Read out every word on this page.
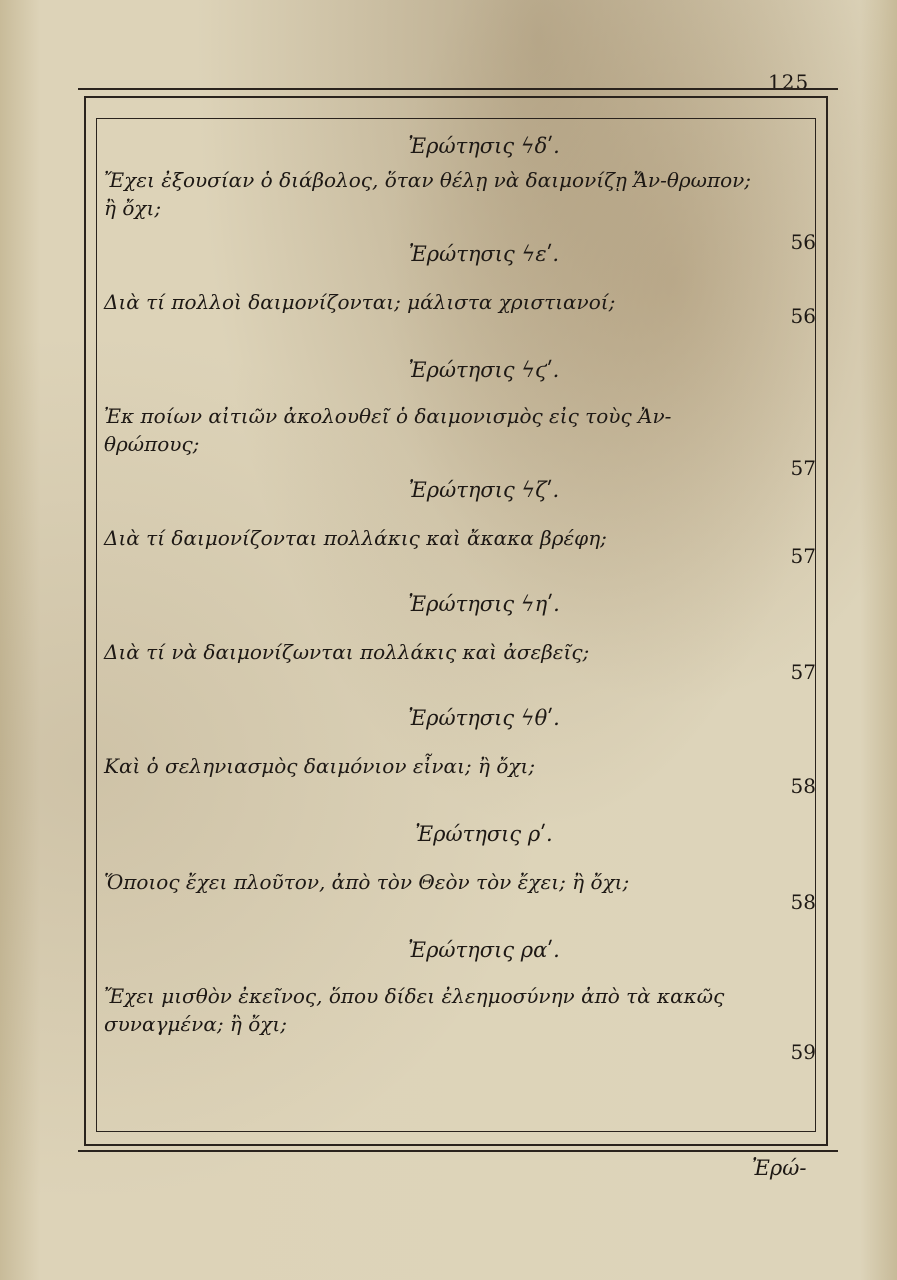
125

Ἐρώτησις ϟδʹ.

Ἔχει ἐξουσίαν ὁ διάβολος, ὅταν θέλῃ νὰ δαιμονίζῃ Ἄν-θρωπον; ἢ ὄχι;

56

Ἐρώτησις ϟεʹ.

Διὰ τί πολλοὶ δαιμονίζονται; μάλιστα χριστιανοί;

56

Ἐρώτησις ϟϛʹ.

Ἐκ ποίων αἰτιῶν ἀκολουθεῖ ὁ δαιμονισμὸς εἰς τοὺς Ἀν-θρώπους;

57

Ἐρώτησις ϟζʹ.

Διὰ τί δαιμονίζονται πολλάκις καὶ ἄκακα βρέφη;

57

Ἐρώτησις ϟηʹ.

Διὰ τί νὰ δαιμονίζωνται πολλάκις καὶ ἀσεβεῖς;

57

Ἐρώτησις ϟθʹ.

Καὶ ὁ σεληνιασμὸς δαιμόνιον εἶναι; ἢ ὄχι;

58

Ἐρώτησις ρʹ.

Ὅποιος ἔχει πλοῦτον, ἀπὸ τὸν Θεὸν τὸν ἔχει; ἢ ὄχι;

58

Ἐρώτησις ραʹ.

Ἔχει μισθὸν ἐκεῖνος, ὅπου δίδει ἐλεημοσύνην ἀπὸ τὰ κακῶς συναγμένα; ἢ ὄχι;

59
Ἐρώ-
